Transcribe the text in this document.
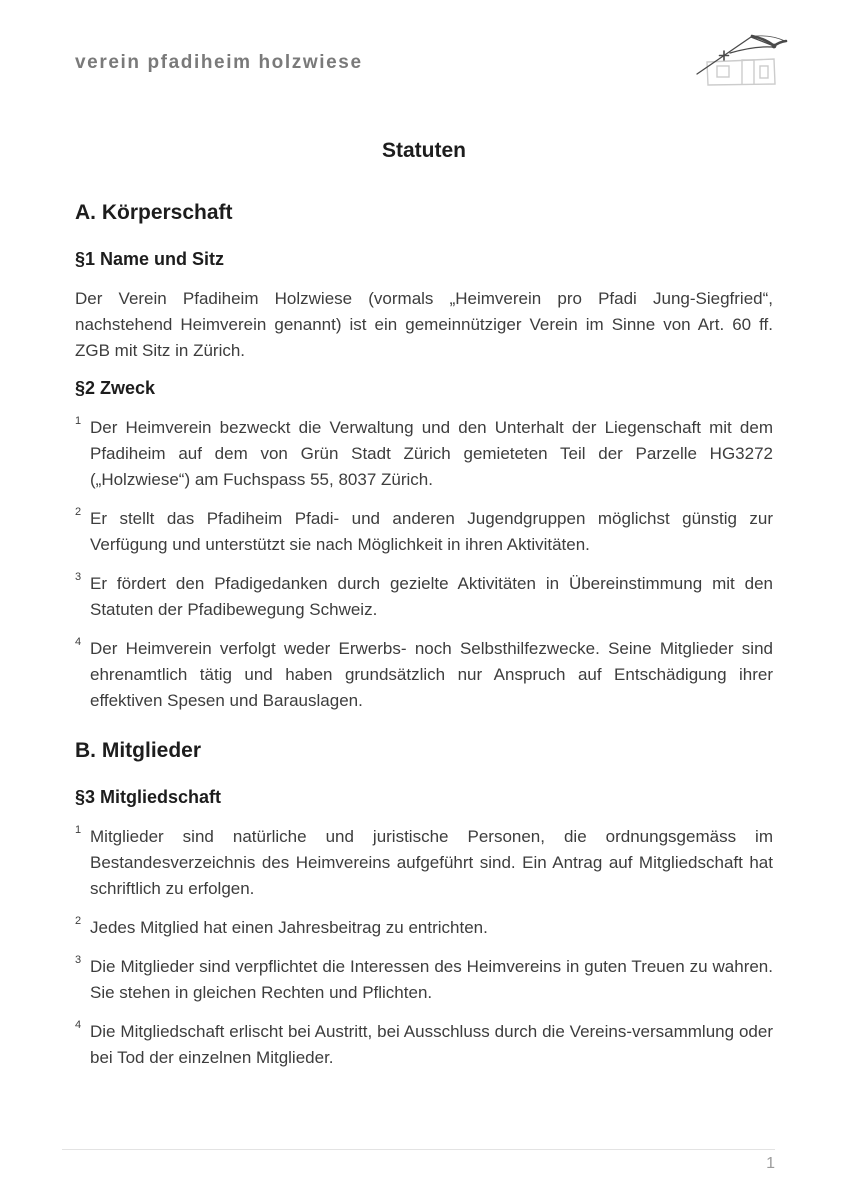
verein pfadiheim holzwiese
Statuten
A. Körperschaft
§1 Name und Sitz

Der Verein Pfadiheim Holzwiese (vormals „Heimverein pro Pfadi Jung-Siegfried“, nachstehend Heimverein genannt) ist ein gemeinnütziger Verein im Sinne von Art. 60 ff. ZGB mit Sitz in Zürich.

§2 Zweck

1 Der Heimverein bezweckt die Verwaltung und den Unterhalt der Liegenschaft mit dem Pfadiheim auf dem von Grün Stadt Zürich gemieteten Teil der Parzelle HG3272 („Holzwiese“) am Fuchspass 55, 8037 Zürich.

2 Er stellt das Pfadiheim Pfadi- und anderen Jugendgruppen möglichst günstig zur Verfügung und unterstützt sie nach Möglichkeit in ihren Aktivitäten.

3 Er fördert den Pfadigedanken durch gezielte Aktivitäten in Übereinstimmung mit den Statuten der Pfadibewegung Schweiz.

4 Der Heimverein verfolgt weder Erwerbs- noch Selbsthilfezwecke. Seine Mitglieder sind ehrenamtlich tätig und haben grundsätzlich nur Anspruch auf Entschädigung ihrer effektiven Spesen und Barauslagen.

B. Mitglieder
§3 Mitgliedschaft

1 Mitglieder sind natürliche und juristische Personen, die ordnungsgemäss im Bestandesverzeichnis des Heimvereins aufgeführt sind. Ein Antrag auf Mitgliedschaft hat schriftlich zu erfolgen.

2 Jedes Mitglied hat einen Jahresbeitrag zu entrichten.

3 Die Mitglieder sind verpflichtet die Interessen des Heimvereins in guten Treuen zu wahren. Sie stehen in gleichen Rechten und Pflichten.

4 Die Mitgliedschaft erlischt bei Austritt, bei Ausschluss durch die Vereins-versammlung oder bei Tod der einzelnen Mitglieder.

1
